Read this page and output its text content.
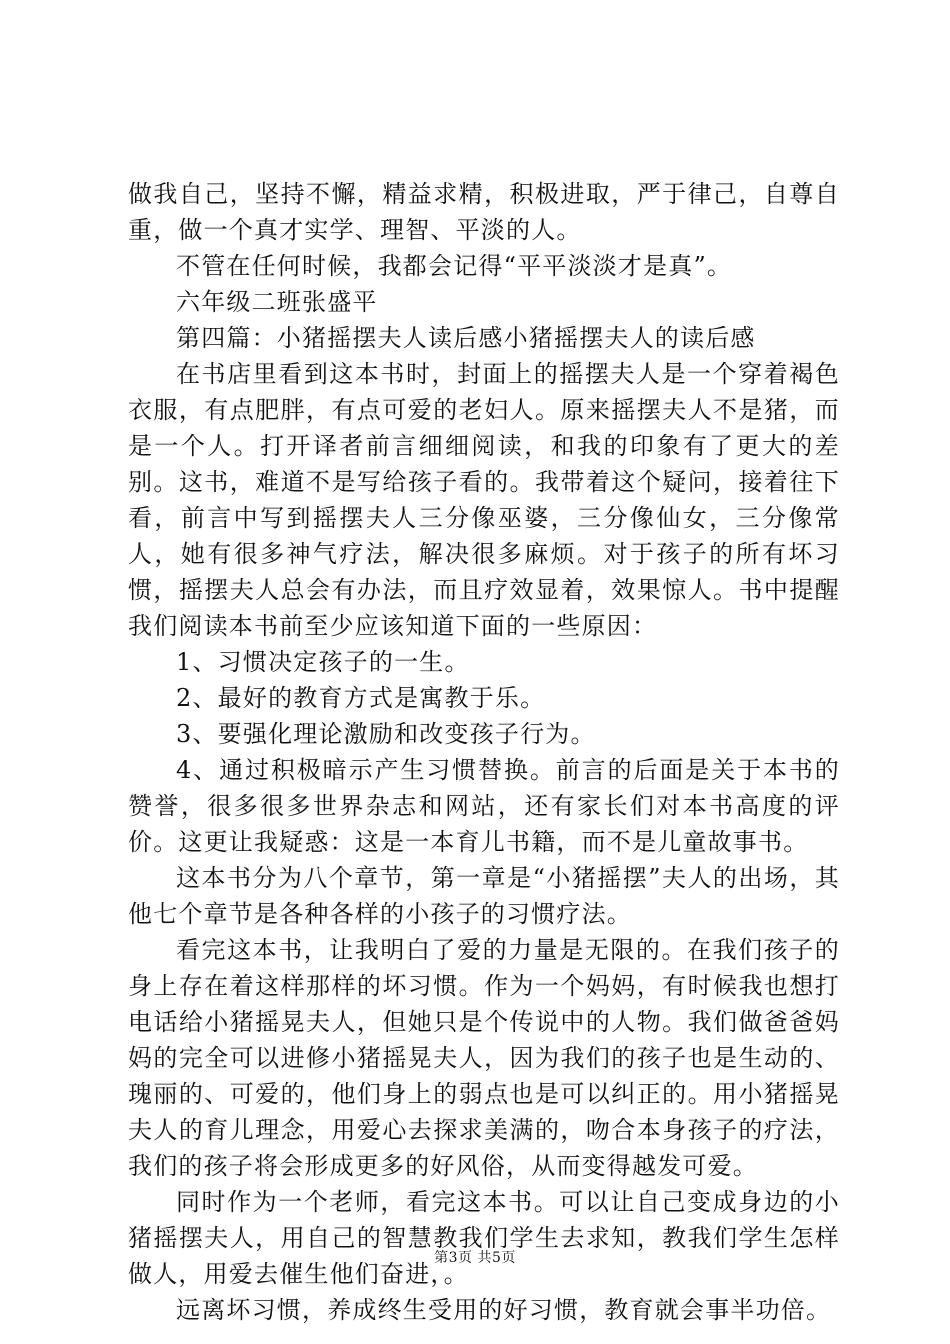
做我自己，坚持不懈，精益求精，积极进取，严于律己，自尊自重，做一个真才实学、理智、平淡的人。

不管在任何时候，我都会记得“平平淡淡才是真”。

六年级二班张盛平

第四篇：小猪摇摆夫人读后感小猪摇摆夫人的读后感

在书店里看到这本书时，封面上的摇摆夫人是一个穿着褐色衣服，有点肥胖，有点可爱的老妇人。原来摇摆夫人不是猪，而是一个人。打开译者前言细细阅读，和我的印象有了更大的差别。这书，难道不是写给孩子看的。我带着这个疑问，接着往下看，前言中写到摇摆夫人三分像巫婆，三分像仙女，三分像常人，她有很多神气疗法，解决很多麻烦。对于孩子的所有坏习惯，摇摆夫人总会有办法，而且疗效显着，效果惊人。书中提醒我们阅读本书前至少应该知道下面的一些原因：

1、习惯决定孩子的一生。

2、最好的教育方式是寓教于乐。

3、要强化理论激励和改变孩子行为。

4、通过积极暗示产生习惯替换。前言的后面是关于本书的赞誉，很多很多世界杂志和网站，还有家长们对本书高度的评价。这更让我疑惑：这是一本育儿书籍，而不是儿童故事书。

这本书分为八个章节，第一章是“小猪摇摆”夫人的出场，其他七个章节是各种各样的小孩子的习惯疗法。

看完这本书，让我明白了爱的力量是无限的。在我们孩子的身上存在着这样那样的坏习惯。作为一个妈妈，有时候我也想打电话给小猪摇晃夫人，但她只是个传说中的人物。我们做爸爸妈妈的完全可以进修小猪摇晃夫人，因为我们的孩子也是生动的、瑰丽的、可爱的，他们身上的弱点也是可以纠正的。用小猪摇晃夫人的育儿理念，用爱心去探求美满的，吻合本身孩子的疗法，我们的孩子将会形成更多的好风俗，从而变得越发可爱。

同时作为一个老师，看完这本书。可以让自己变成身边的小猪摇摆夫人，用自己的智慧教我们学生去求知，教我们学生怎样做人，用爱去催生他们奋进，。

远离坏习惯，养成终生受用的好习惯，教育就会事半功倍。

第3页 共5页
